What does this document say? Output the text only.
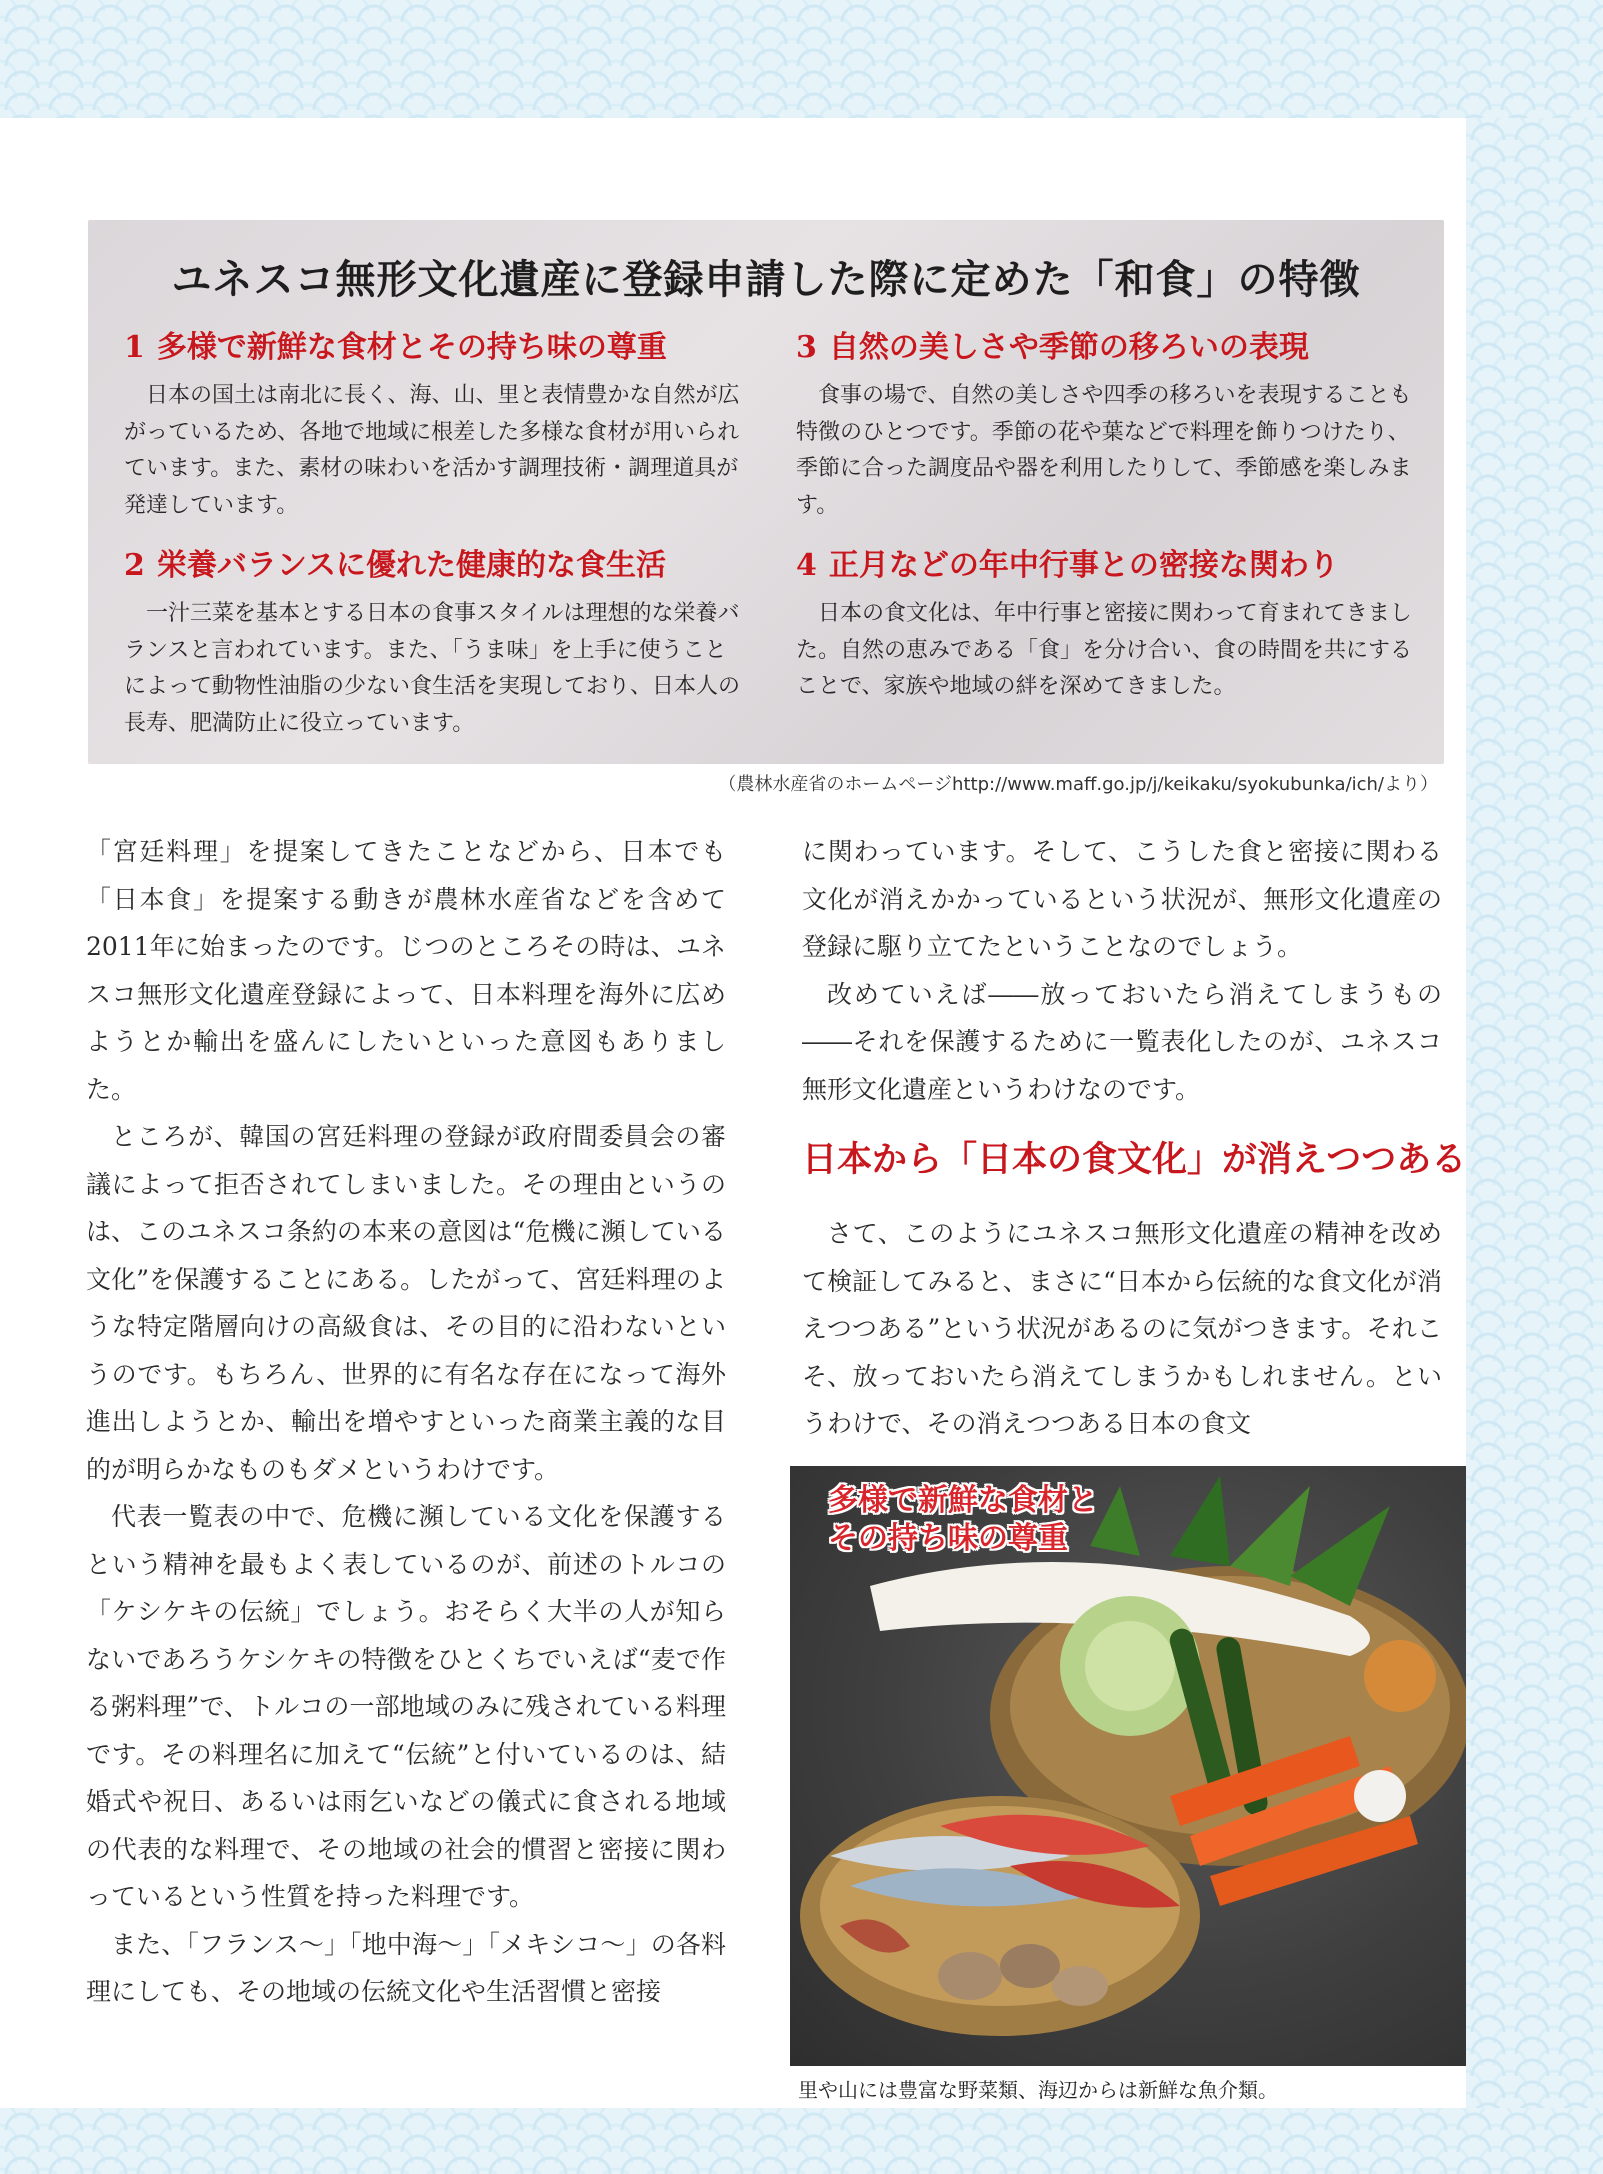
ユネスコ無形文化遺産に登録申請した際に定めた「和食」の特徴
1 多様で新鮮な食材とその持ち味の尊重

日本の国土は南北に長く、海、山、里と表情豊かな自然が広がっているため、各地で地域に根差した多様な食材が用いられています。また、素材の味わいを活かす調理技術・調理道具が発達しています。

3 自然の美しさや季節の移ろいの表現

食事の場で、自然の美しさや四季の移ろいを表現することも特徴のひとつです。季節の花や葉などで料理を飾りつけたり、季節に合った調度品や器を利用したりして、季節感を楽しみます。

2 栄養バランスに優れた健康的な食生活

一汁三菜を基本とする日本の食事スタイルは理想的な栄養バランスと言われています。また、「うま味」を上手に使うことによって動物性油脂の少ない食生活を実現しており、日本人の長寿、肥満防止に役立っています。

4 正月などの年中行事との密接な関わり

日本の食文化は、年中行事と密接に関わって育まれてきました。自然の恵みである「食」を分け合い、食の時間を共にすることで、家族や地域の絆を深めてきました。

（農林水産省のホームページhttp://www.maff.go.jp/j/keikaku/syokubunka/ich/より）

「宮廷料理」を提案してきたことなどから、日本でも「日本食」を提案する動きが農林水産省などを含めて2011年に始まったのです。じつのところその時は、ユネスコ無形文化遺産登録によって、日本料理を海外に広めようとか輸出を盛んにしたいといった意図もありました。

ところが、韓国の宮廷料理の登録が政府間委員会の審議によって拒否されてしまいました。その理由というのは、このユネスコ条約の本来の意図は“危機に瀕している文化”を保護することにある。したがって、宮廷料理のような特定階層向けの高級食は、その目的に沿わないというのです。もちろん、世界的に有名な存在になって海外進出しようとか、輸出を増やすといった商業主義的な目的が明らかなものもダメというわけです。

代表一覧表の中で、危機に瀕している文化を保護するという精神を最もよく表しているのが、前述のトルコの「ケシケキの伝統」でしょう。おそらく大半の人が知らないであろうケシケキの特徴をひとくちでいえば“麦で作る粥料理”で、トルコの一部地域のみに残されている料理です。その料理名に加えて“伝統”と付いているのは、結婚式や祝日、あるいは雨乞いなどの儀式に食される地域の代表的な料理で、その地域の社会的慣習と密接に関わっているという性質を持った料理です。

また、「フランス～」「地中海～」「メキシコ～」の各料理にしても、その地域の伝統文化や生活習慣と密接

に関わっています。そして、こうした食と密接に関わる文化が消えかかっているという状況が、無形文化遺産の登録に駆り立てたということなのでしょう。

改めていえば――放っておいたら消えてしまうもの――それを保護するために一覧表化したのが、ユネスコ無形文化遺産というわけなのです。

日本から「日本の食文化」が消えつつある

さて、このようにユネスコ無形文化遺産の精神を改めて検証してみると、まさに“日本から伝統的な食文化が消えつつある”という状況があるのに気がつきます。それこそ、放っておいたら消えてしまうかもしれません。というわけで、その消えつつある日本の食文

多様で新鮮な食材と
その持ち味の尊重
里や山には豊富な野菜類、海辺からは新鮮な魚介類。
